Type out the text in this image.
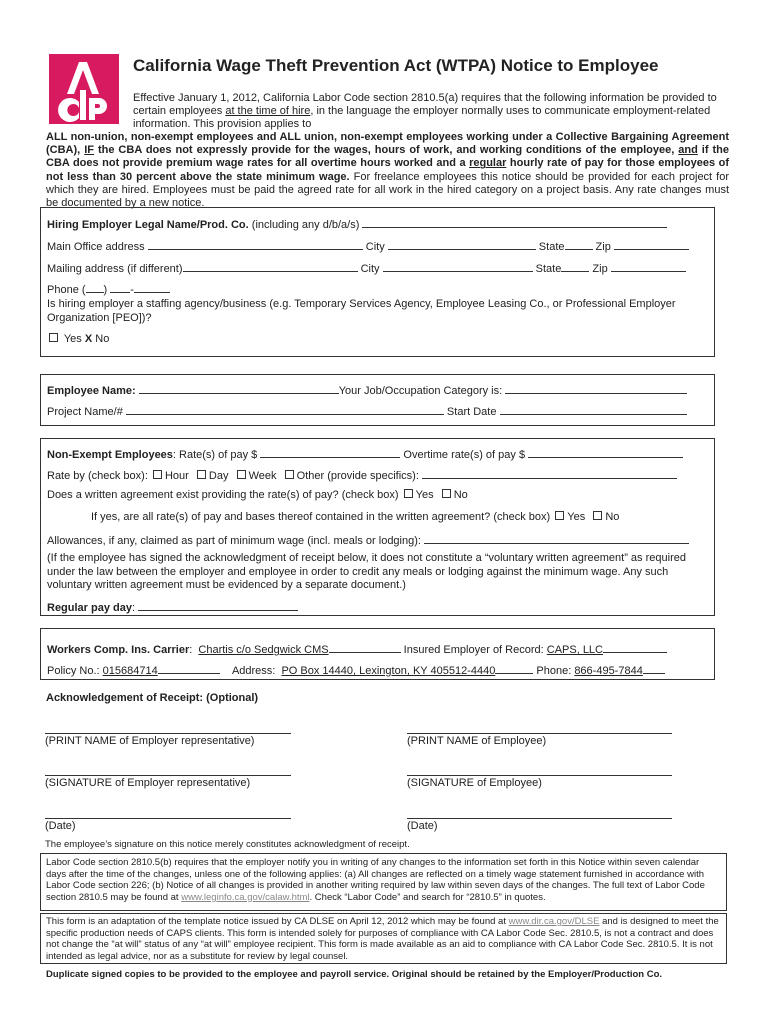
California Wage Theft Prevention Act (WTPA) Notice to Employee
Effective January 1, 2012, California Labor Code section 2810.5(a) requires that the following information be provided to certain employees at the time of hire, in the language the employer normally uses to communicate employment-related information. This provision applies to
ALL non-union, non-exempt employees and ALL union, non-exempt employees working under a Collective Bargaining Agreement (CBA), IF the CBA does not expressly provide for the wages, hours of work, and working conditions of the employee, and if the CBA does not provide premium wage rates for all overtime hours worked and a regular hourly rate of pay for those employees of not less than 30 percent above the state minimum wage. For freelance employees this notice should be provided for each project for which they are hired. Employees must be paid the agreed rate for all work in the hired category on a project basis. Any rate changes must be documented by a new notice.
Hiring Employer Legal Name/Prod. Co. (including any d/b/a/s)
Main Office address	City	State	Zip
Mailing address (if different)	City	State	Zip
Phone ( ) -
Is hiring employer a staffing agency/business (e.g. Temporary Services Agency, Employee Leasing Co., or Professional Employer Organization [PEO])?
Yes X No
Employee Name:	Your Job/Occupation Category is:
Project Name/#	Start Date
Non-Exempt Employees: Rate(s) of pay $	Overtime rate(s) of pay $
Rate by (check box): Hour Day Week Other (provide specifics):
Does a written agreement exist providing the rate(s) of pay? (check box) Yes No
If yes, are all rate(s) of pay and bases thereof contained in the written agreement? (check box) Yes No
Allowances, if any, claimed as part of minimum wage (incl. meals or lodging):
(If the employee has signed the acknowledgment of receipt below, it does not constitute a “voluntary written agreement” as required under the law between the employer and employee in order to credit any meals or lodging against the minimum wage. Any such voluntary written agreement must be evidenced by a separate document.)
Regular pay day:
Workers Comp. Ins. Carrier:  Chartis c/o Sedgwick CMS	Insured Employer of Record: CAPS, LLC
Policy No.: 015684714	Address:  PO Box 14440, Lexington, KY 405512-4440	Phone: 866-495-7844
Acknowledgement of Receipt: (Optional)
(PRINT NAME of Employer representative)	(PRINT NAME of Employee)
(SIGNATURE of Employer representative)	(SIGNATURE of Employee)
(Date)	(Date)
The employee’s signature on this notice merely constitutes acknowledgment of receipt.
Labor Code section 2810.5(b) requires that the employer notify you in writing of any changes to the information set forth in this Notice within seven calendar days after the time of the changes, unless one of the following applies: (a) All changes are reflected on a timely wage statement furnished in accordance with Labor Code section 226; (b) Notice of all changes is provided in another writing required by law within seven days of the changes. The full text of Labor Code section 2810.5 may be found at www.leginfo.ca.gov/calaw.html. Check “Labor Code” and search for “2810.5” in quotes.
This form is an adaptation of the template notice issued by CA DLSE on April 12, 2012 which may be found at www.dir.ca.gov/DLSE and is designed to meet the specific production needs of CAPS clients. This form is intended solely for purposes of compliance with CA Labor Code Sec. 2810.5, is not a contract and does not change the “at will” status of any “at will” employee recipient. This form is made available as an aid to compliance with CA Labor Code Sec. 2810.5. It is not intended as legal advice, nor as a substitute for review by legal counsel.
Duplicate signed copies to be provided to the employee and payroll service. Original should be retained by the Employer/Production Co.
